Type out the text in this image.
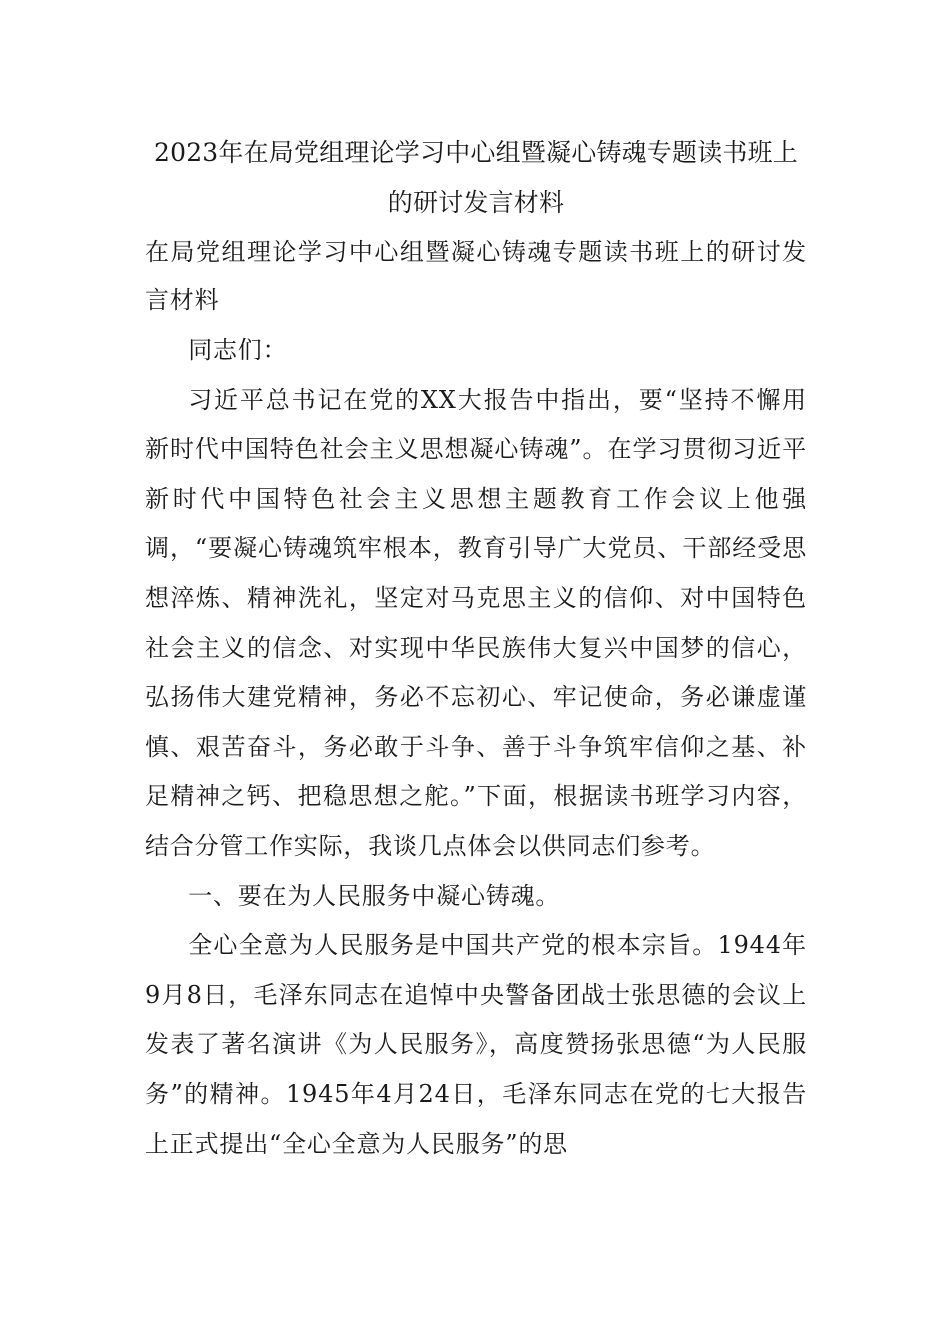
2023年在局党组理论学习中心组暨凝心铸魂专题读书班上
的研讨发言材料

在局党组理论学习中心组暨凝心铸魂专题读书班上的研讨发言材料

同志们：

习近平总书记在党的XX大报告中指出，要“坚持不懈用新时代中国特色社会主义思想凝心铸魂”。在学习贯彻习近平新时代中国特色社会主义思想主题教育工作会议上他强调，“要凝心铸魂筑牢根本，教育引导广大党员、干部经受思想淬炼、精神洗礼，坚定对马克思主义的信仰、对中国特色社会主义的信念、对实现中华民族伟大复兴中国梦的信心，弘扬伟大建党精神，务必不忘初心、牢记使命，务必谦虚谨慎、艰苦奋斗，务必敢于斗争、善于斗争筑牢信仰之基、补足精神之钙、把稳思想之舵。”下面，根据读书班学习内容，结合分管工作实际，我谈几点体会以供同志们参考。

一、要在为人民服务中凝心铸魂。

全心全意为人民服务是中国共产党的根本宗旨。1944年9月8日，毛泽东同志在追悼中央警备团战士张思德的会议上发表了著名演讲《为人民服务》，高度赞扬张思德“为人民服务”的精神。1945年4月24日，毛泽东同志在党的七大报告上正式提出“全心全意为人民服务”的思
